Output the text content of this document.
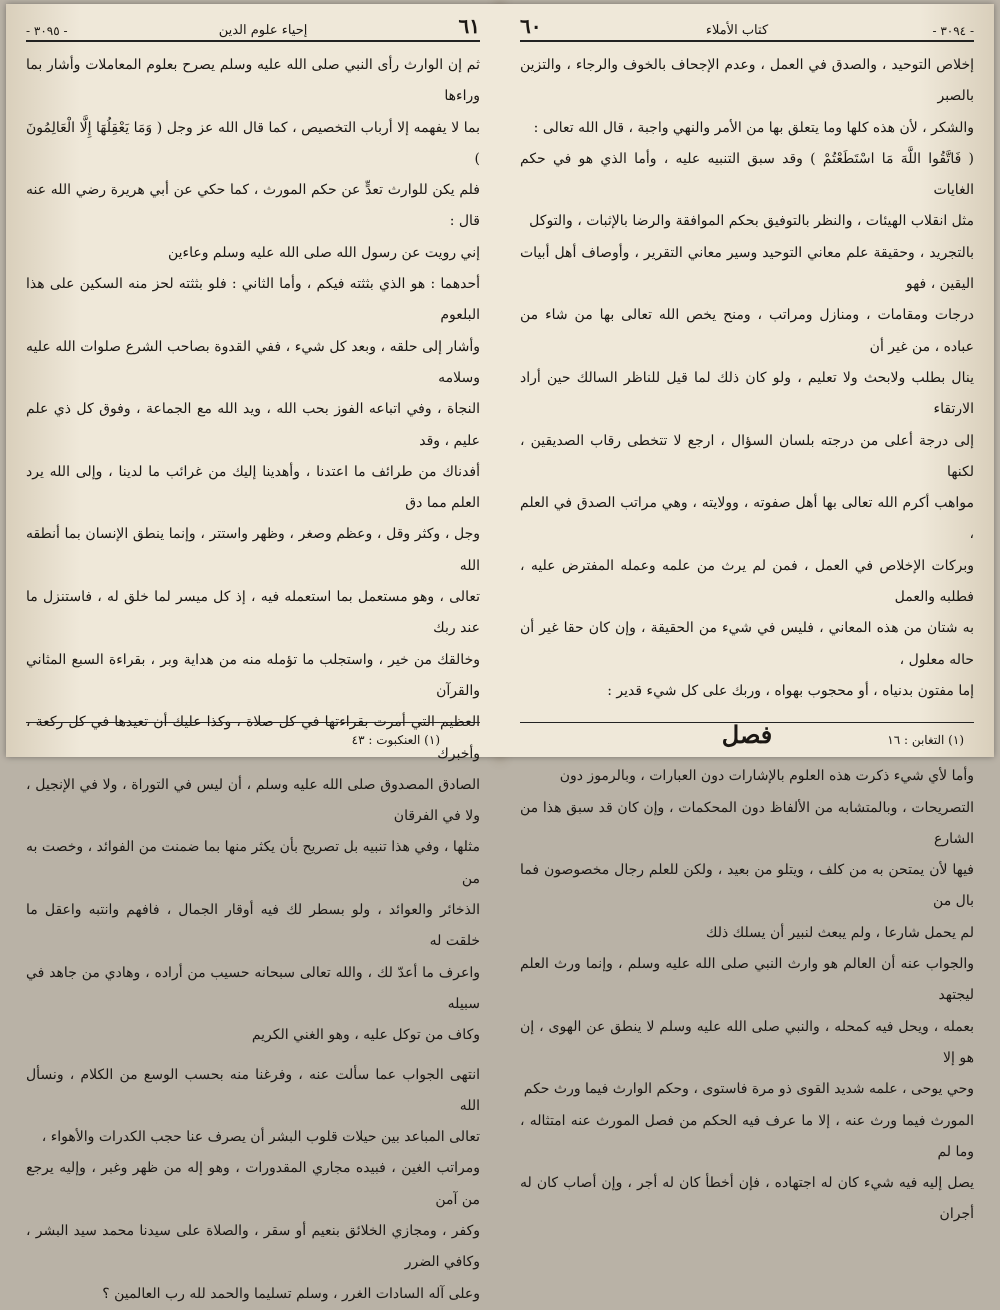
٦١
إحياء علوم الدين
- ٣٠٩٥ -

ثم إن الوارث رأى النبي صلى الله عليه وسلم يصرح بعلوم المعاملات وأشار بما وراءها

بما لا يفهمه إلا أرباب التخصيص ، كما قال الله عز وجل ( وَمَا يَعْقِلُهَا إِلَّا الْعَالِمُونَ )

فلم يكن للوارث تعدٍّ عن حكم المورث ، كما حكي عن أبي هريرة رضي الله عنه قال :

إني رويت عن رسول الله صلى الله عليه وسلم وعاءين

أحدهما : هو الذي بثثته فيكم ، وأما الثاني : فلو بثثته لحز منه السكين على هذا البلعوم

وأشار إلى حلقه ، وبعد كل شيء ، ففي القدوة بصاحب الشرع صلوات الله عليه وسلامه

النجاة ، وفي اتباعه الفوز بحب الله ، ويد الله مع الجماعة ، وفوق كل ذي علم عليم ، وقد

أفدناك من طرائف ما اعتدنا ، وأهدينا إليك من غرائب ما لدينا ، وإلى الله يرد العلم مما دق

وجل ، وكثر وقل ، وعظم وصغر ، وظهر واستتر ، وإنما ينطق الإنسان بما أنطقه الله

تعالى ، وهو مستعمل بما استعمله فيه ، إذ كل ميسر لما خلق له ، فاستنزل ما عند ربك

وخالقك من خير ، واستجلب ما تؤمله منه من هداية وبر ، بقراءة السبع المثاني والقرآن

العظيم التي أمرت بقراءتها في كل صلاة ، وكذا عليك أن تعيدها في كل ركعة ، وأخبرك

الصادق المصدوق صلى الله عليه وسلم ، أن ليس في التوراة ، ولا في الإنجيل ، ولا في الفرقان

مثلها ، وفي هذا تنبيه بل تصريح بأن يكثر منها بما ضمنت من الفوائد ، وخصت به من

الذخائر والعوائد ، ولو بسطر لك فيه أوقار الجمال ، فافهم وانتبه واعقل ما خلقت له

واعرف ما أعدّ لك ، والله تعالى سبحانه حسيب من أراده ، وهادي من جاهد في سبيله

وكاف من توكل عليه ، وهو الغني الكريم

انتهى الجواب عما سألت عنه ، وفرغنا منه بحسب الوسع من الكلام ، ونسأل الله

تعالى المباعد بين حيلات قلوب البشر أن يصرف عنا حجب الكدرات والأهواء ،

ومراتب الغين ، فبيده مجاري المقدورات ، وهو إله من ظهر وغبر ، وإليه يرجع من آمن

وكفر ، ومجازي الخلائق بنعيم أو سقر ، والصلاة على سيدنا محمد سيد البشر ، وكافي الضرر

وعلى آله السادات الغرر ، وسلم تسليما والحمد لله رب العالمين ؟

(١) العنكبوت : ٤٣
- ٣٠٩٤ -
كتاب الأملاء
٦٠

إخلاص التوحيد ، والصدق في العمل ، وعدم الإجحاف بالخوف والرجاء ، والتزين بالصبر

والشكر ، لأن هذه كلها وما يتعلق بها من الأمر والنهي واجبة ، قال الله تعالى :

( فَاتَّقُوا اللَّهَ مَا اسْتَطَعْتُمْ ) وقد سبق التنبيه عليه ، وأما الذي هو في حكم الغايات

مثل انقلاب الهيئات ، والنظر بالتوفيق بحكم الموافقة والرضا بالإثبات ، والتوكل

بالتجريد ، وحقيقة علم معاني التوحيد وسير معاني التقرير ، وأوصاف أهل أبيات اليقين ، فهو

درجات ومقامات ، ومنازل ومراتب ، ومنح يخص الله تعالى بها من شاء من عباده ، من غير أن

ينال بطلب ولابحث ولا تعليم ، ولو كان ذلك لما قيل للناظر السالك حين أراد الارتقاء

إلى درجة أعلى من درجته بلسان السؤال ، ارجع لا تتخطى رقاب الصديقين ، لكنها

مواهب أكرم الله تعالى بها أهل صفوته ، وولايته ، وهي مراتب الصدق في العلم ،

وبركات الإخلاص في العمل ، فمن لم يرث من علمه وعمله المفترض عليه ، فطلبه والعمل

به شتان من هذه المعاني ، فليس في شيء من الحقيقة ، وإن كان حقا غير أن حاله معلول ،

إما مفتون بدنياه ، أو محجوب بهواه ، وربك على كل شيء قدير :

فصل

وأما لأي شيء ذكرت هذه العلوم بالإشارات دون العبارات ، وبالرموز دون

التصريحات ، وبالمتشابه من الألفاظ دون المحكمات ، وإن كان قد سبق هذا من الشارع

فيها لأن يمتحن به من كلف ، ويتلو من بعيد ، ولكن للعلم رجال مخصوصون فما بال من

لم يحمل شارعا ، ولم يبعث لنبير أن يسلك ذلك

والجواب عنه أن العالم هو وارث النبي صلى الله عليه وسلم ، وإنما ورث العلم ليجتهد

بعمله ، ويحل فيه كمحله ، والنبي صلى الله عليه وسلم لا ينطق عن الهوى ، إن هو إلا

وحي يوحى ، علمه شديد القوى ذو مرة فاستوى ، وحكم الوارث فيما ورث حكم

المورث فيما ورث عنه ، إلا ما عرف فيه الحكم من فصل المورث عنه امتثاله ، وما لم

يصل إليه فيه شيء كان له اجتهاده ، فإن أخطأ كان له أجر ، وإن أصاب كان له أجران

(١) التغابن : ١٦
